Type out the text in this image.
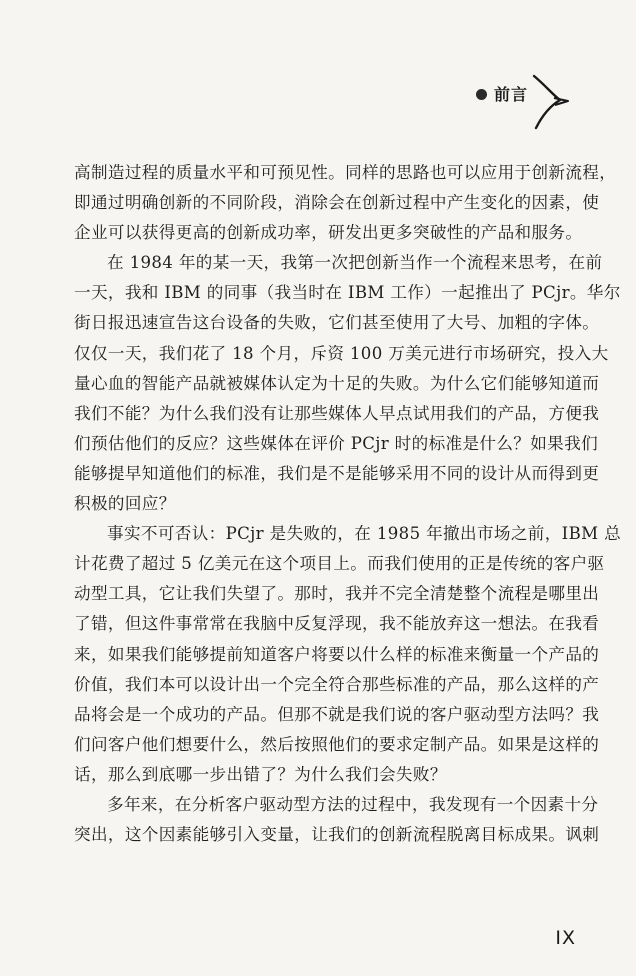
前言
高制造过程的质量水平和可预见性。同样的思路也可以应用于创新流程，
即通过明确创新的不同阶段，消除会在创新过程中产生变化的因素，使
企业可以获得更高的创新成功率，研发出更多突破性的产品和服务。
在 1984 年的某一天，我第一次把创新当作一个流程来思考，在前
一天，我和 IBM 的同事（我当时在 IBM 工作）一起推出了 PCjr。华尔
街日报迅速宣告这台设备的失败，它们甚至使用了大号、加粗的字体。
仅仅一天，我们花了 18 个月，斥资 100 万美元进行市场研究，投入大
量心血的智能产品就被媒体认定为十足的失败。为什么它们能够知道而
我们不能？为什么我们没有让那些媒体人早点试用我们的产品，方便我
们预估他们的反应？这些媒体在评价 PCjr 时的标准是什么？如果我们
能够提早知道他们的标准，我们是不是能够采用不同的设计从而得到更
积极的回应？
事实不可否认：PCjr 是失败的，在 1985 年撤出市场之前，IBM 总
计花费了超过 5 亿美元在这个项目上。而我们使用的正是传统的客户驱
动型工具，它让我们失望了。那时，我并不完全清楚整个流程是哪里出
了错，但这件事常常在我脑中反复浮现，我不能放弃这一想法。在我看
来，如果我们能够提前知道客户将要以什么样的标准来衡量一个产品的
价值，我们本可以设计出一个完全符合那些标准的产品，那么这样的产
品将会是一个成功的产品。但那不就是我们说的客户驱动型方法吗？我
们问客户他们想要什么，然后按照他们的要求定制产品。如果是这样的
话，那么到底哪一步出错了？为什么我们会失败？
多年来，在分析客户驱动型方法的过程中，我发现有一个因素十分
突出，这个因素能够引入变量，让我们的创新流程脱离目标成果。讽刺
IX
